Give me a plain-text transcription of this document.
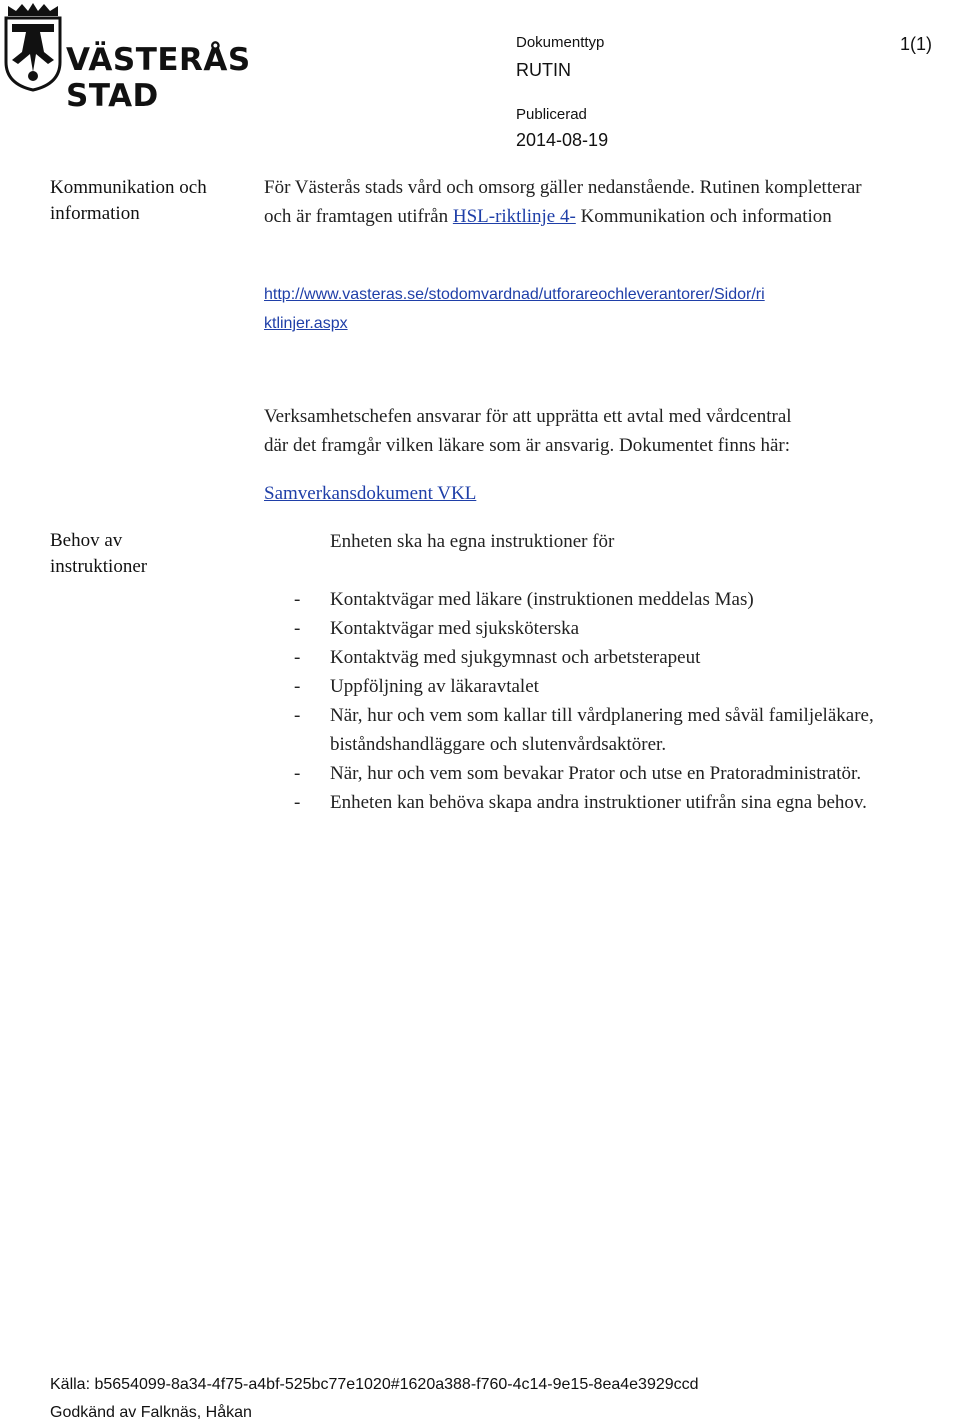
VÄSTERÅS STAD
Dokumenttyp
RUTIN
Publicerad
2014-08-19
1(1)
Kommunikation och information
För Västerås stads vård och omsorg gäller nedanstående. Rutinen kompletterar och är framtagen utifrån HSL-riktlinje 4- Kommunikation och information
http://www.vasteras.se/stodomvardnad/utforareochleverantorer/Sidor/ri
ktlinjer.aspx
Verksamhetschefen ansvarar för att upprätta ett avtal med vårdcentral
där det framgår vilken läkare som är ansvarig. Dokumentet finns här:
Samverkansdokument VKL
Behov av instruktioner
Enheten ska ha egna instruktioner för
- Kontaktvägar med läkare (instruktionen meddelas Mas)
- Kontaktvägar med sjuksköterska
- Kontaktväg med sjukgymnast och arbetsterapeut
- Uppföljning av läkaravtalet
- När, hur och vem som kallar till vårdplanering med såväl familjeläkare, biståndshandläggare och slutenvårdsaktörer.
- När, hur och vem som bevakar Prator och utse en Pratoradministratör.
- Enheten kan behöva skapa andra instruktioner utifrån sina egna behov.
Källa: b5654099-8a34-4f75-a4bf-525bc77e1020#1620a388-f760-4c14-9e15-8ea4e3929ccd
Godkänd av Falknäs, Håkan
